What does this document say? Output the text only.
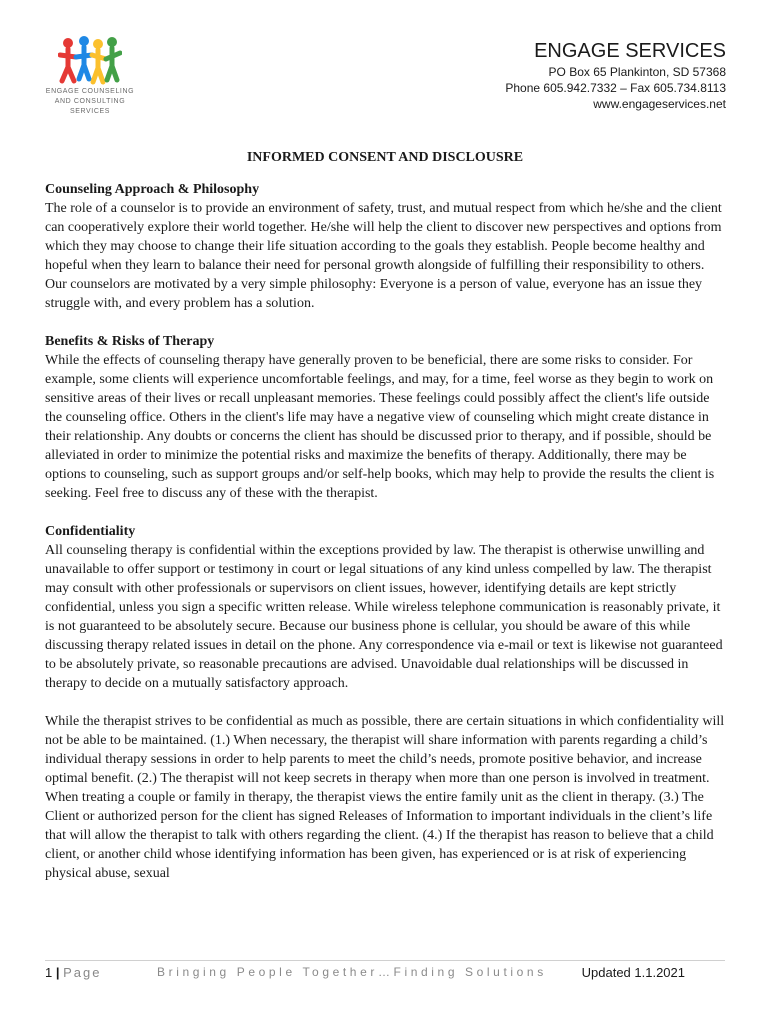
ENGAGE COUNSELING
AND CONSULTING
SERVICES
ENGAGE SERVICES
PO Box 65 Plankinton, SD 57368
Phone 605.942.7332 – Fax 605.734.8113
www.engageservices.net
INFORMED CONSENT AND DISCLOUSRE
Counseling Approach & Philosophy

The role of a counselor is to provide an environment of safety, trust, and mutual respect from which he/she and the client can cooperatively explore their world together. He/she will help the client to discover new perspectives and options from which they may choose to change their life situation according to the goals they establish. People become healthy and hopeful when they learn to balance their need for personal growth alongside of fulfilling their responsibility to others. Our counselors are motivated by a very simple philosophy: Everyone is a person of value, everyone has an issue they struggle with, and every problem has a solution.

Benefits & Risks of Therapy

While the effects of counseling therapy have generally proven to be beneficial, there are some risks to consider. For example, some clients will experience uncomfortable feelings, and may, for a time, feel worse as they begin to work on sensitive areas of their lives or recall unpleasant memories. These feelings could possibly affect the client's life outside the counseling office. Others in the client's life may have a negative view of counseling which might create distance in their relationship. Any doubts or concerns the client has should be discussed prior to therapy, and if possible, should be alleviated in order to minimize the potential risks and maximize the benefits of therapy. Additionally, there may be options to counseling, such as support groups and/or self-help books, which may help to provide the results the client is seeking. Feel free to discuss any of these with the therapist.

Confidentiality

All counseling therapy is confidential within the exceptions provided by law. The therapist is otherwise unwilling and unavailable to offer support or testimony in court or legal situations of any kind unless compelled by law. The therapist may consult with other professionals or supervisors on client issues, however, identifying details are kept strictly confidential, unless you sign a specific written release. While wireless telephone communication is reasonably private, it is not guaranteed to be absolutely secure. Because our business phone is cellular, you should be aware of this while discussing therapy related issues in detail on the phone. Any correspondence via e-mail or text is likewise not guaranteed to be absolutely private, so reasonable precautions are advised. Unavoidable dual relationships will be discussed in therapy to decide on a mutually satisfactory approach.

While the therapist strives to be confidential as much as possible, there are certain situations in which confidentiality will not be able to be maintained. (1.) When necessary, the therapist will share information with parents regarding a child’s individual therapy sessions in order to help parents to meet the child’s needs, promote positive behavior, and increase optimal benefit. (2.) The therapist will not keep secrets in therapy when more than one person is involved in treatment. When treating a couple or family in therapy, the therapist views the entire family unit as the client in therapy. (3.) The Client or authorized person for the client has signed Releases of Information to important individuals in the client’s life that will allow the therapist to talk with others regarding the client. (4.) If the therapist has reason to believe that a child client, or another child whose identifying information has been given, has experienced or is at risk of experiencing physical abuse, sexual

1 | Page	Bringing People Together…Finding Solutions	Updated 1.1.2021
